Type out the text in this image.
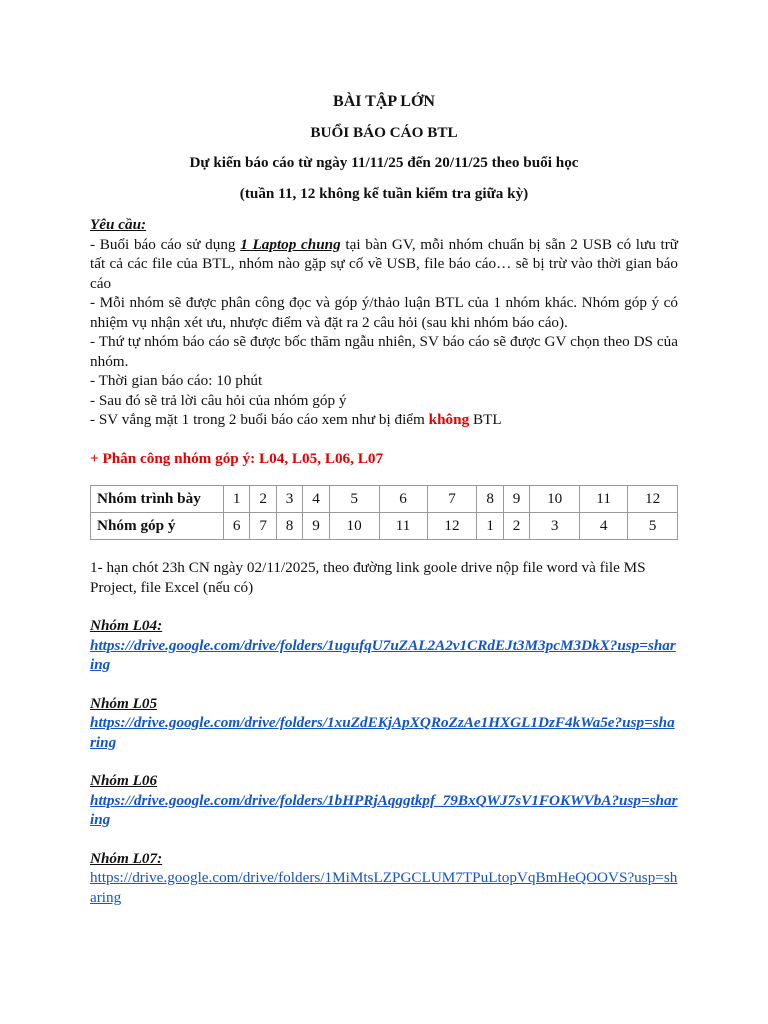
BÀI TẬP LỚN
BUỔI BÁO CÁO BTL
Dự kiến báo cáo từ ngày 11/11/25 đến 20/11/25 theo buổi học
(tuần 11, 12 không kể tuần kiểm tra giữa kỳ)
Yêu cầu:
- Buổi báo cáo sử dụng 1 Laptop chung tại bàn GV, mỗi nhóm chuẩn bị sẵn 2 USB có lưu trữ tất cả các file của BTL, nhóm nào gặp sự cố về USB, file báo cáo… sẽ bị trừ vào thời gian báo cáo
- Mỗi nhóm sẽ được phân công đọc và góp ý/thảo luận BTL của 1 nhóm khác. Nhóm góp ý có nhiệm vụ nhận xét ưu, nhược điểm và đặt ra 2 câu hỏi (sau khi nhóm báo cáo).
- Thứ tự nhóm báo cáo sẽ được bốc thăm ngẫu nhiên, SV báo cáo sẽ được GV chọn theo DS của nhóm.
- Thời gian báo cáo: 10 phút
- Sau đó sẽ trả lời câu hỏi của nhóm góp ý
- SV vắng mặt 1 trong 2 buổi báo cáo xem như bị điểm không BTL
+ Phân công nhóm góp ý: L04, L05, L06, L07
Nhóm trình bày	1	2	3	4	5	6	7	8	9	10	11	12
Nhóm góp ý	6	7	8	9	10	11	12	1	2	3	4	5
1- hạn chót 23h CN ngày 02/11/2025, theo đường link goole drive nộp file word và file MS Project, file Excel (nếu có)
Nhóm L04:
https://drive.google.com/drive/folders/1ugufqU7uZAL2A2v1CRdEJt3M3pcM3DkX?usp=sharing
Nhóm L05
https://drive.google.com/drive/folders/1xuZdEKjApXQRoZzAe1HXGL1DzF4kWa5e?usp=sharing
Nhóm L06
https://drive.google.com/drive/folders/1bHPRjAqggtkpf_79BxQWJ7sV1FOKWVbA?usp=sharing
Nhóm L07:
https://drive.google.com/drive/folders/1MiMtsLZPGCLUM7TPuLtopVqBmHeQOOVS?usp=sharing
